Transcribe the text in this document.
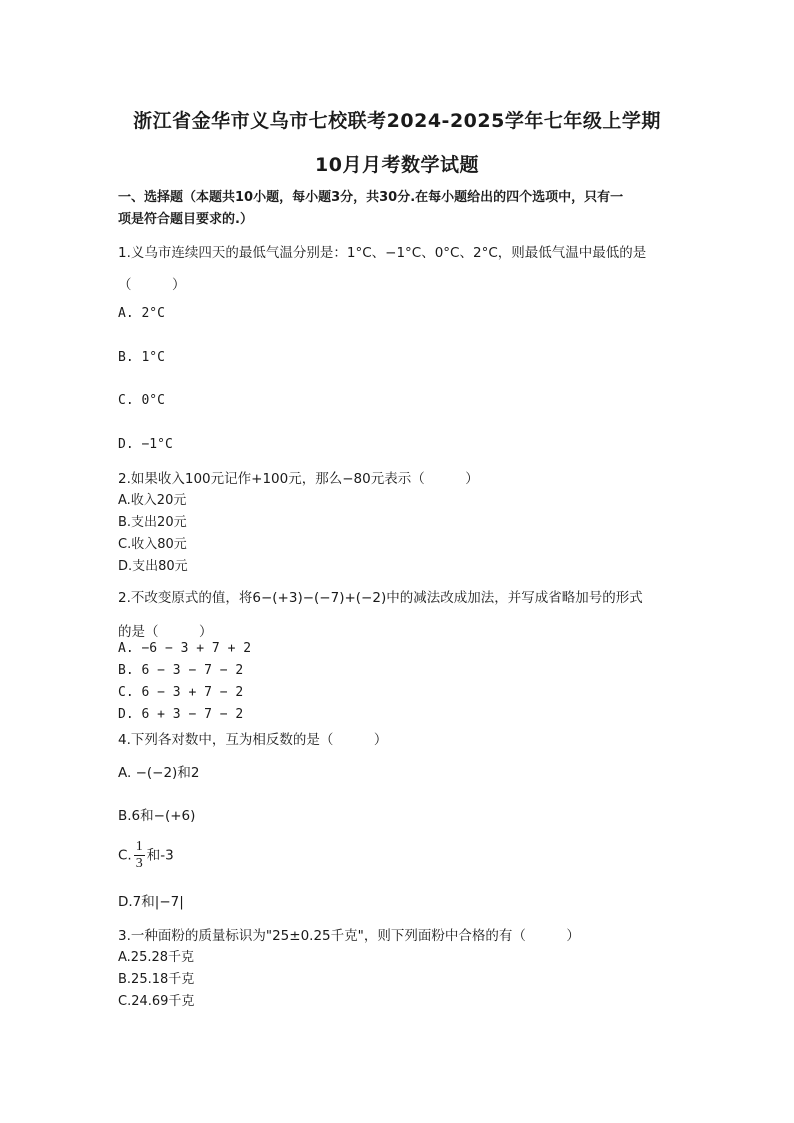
浙江省金华市义乌市七校联考2024-2025学年七年级上学期
10月月考数学试题
一、选择题（本题共10小题，每小题3分，共30分.在每小题给出的四个选项中，只有一
项是符合题目要求的.）
1.义乌市连续四天的最低气温分别是：1°C、−1°C、0°C、2°C，则最低气温中最低的是
（　　　）
A. 2°C
B. 1°C
C. 0°C
D. −1°C
2.如果收入100元记作+100元，那么−80元表示（　　　）
A.收入20元
B.支出20元
C.收入80元
D.支出80元
2.不改变原式的值，将6−(+3)−(−7)+(−2)中的减法改成加法，并写成省略加号的形式
的是（　　　）
A. −6 − 3 + 7 + 2
B. 6 − 3 − 7 − 2
C. 6 − 3 + 7 − 2
D. 6 + 3 − 7 − 2
4.下列各对数中，互为相反数的是（　　　）
A. −(−2)和2
B.6和−(+6)
C. $\frac{1}{3}$ 和-3
D.7和|−7|
3.一种面粉的质量标识为"25±0.25千克"，则下列面粉中合格的有（　　　）
A.25.28千克
B.25.18千克
C.24.69千克
